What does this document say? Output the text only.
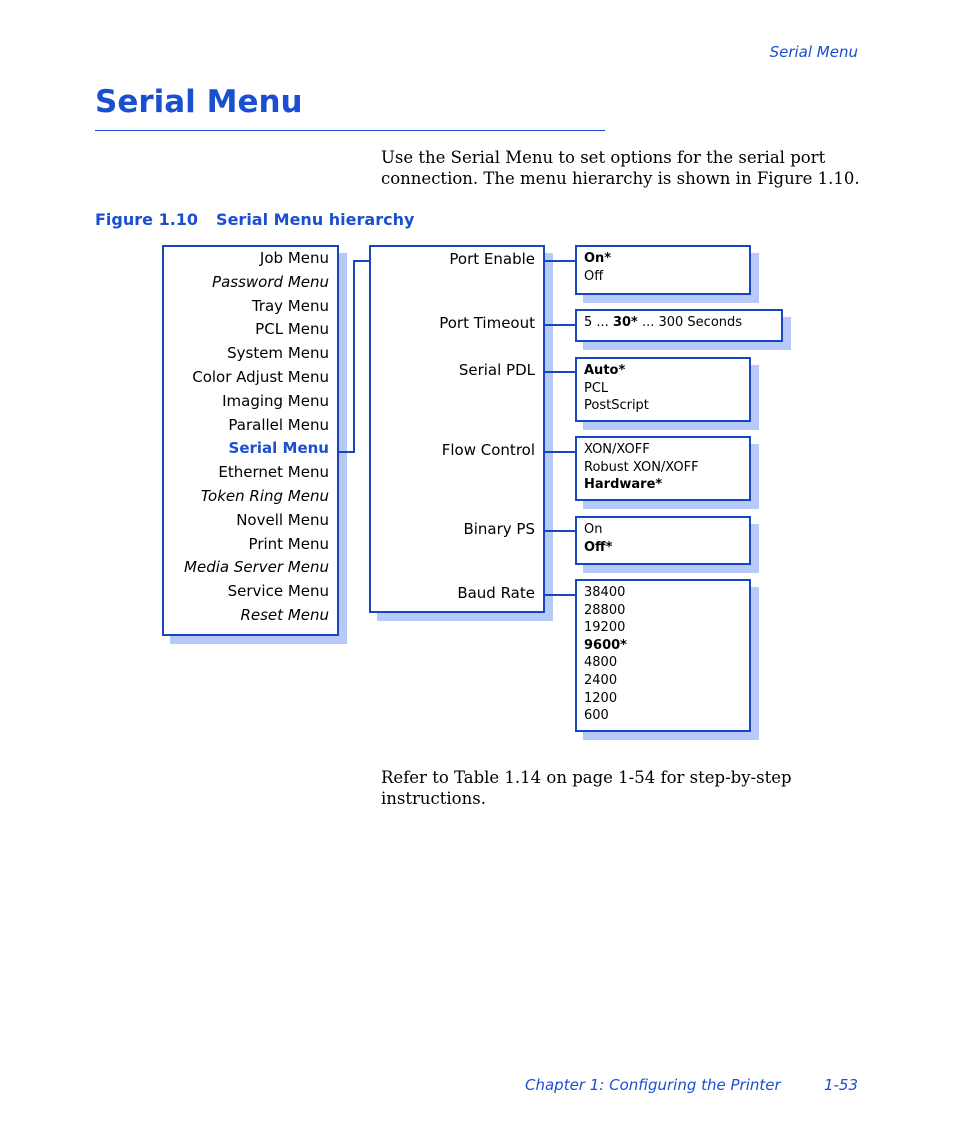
Serial Menu
Serial Menu
Use the Serial Menu to set options for the serial port connection. The menu hierarchy is shown in Figure 1.10.
Figure 1.10 Serial Menu hierarchy
Job Menu
Password Menu
Tray Menu
PCL Menu
System Menu
Color Adjust Menu
Imaging Menu
Parallel Menu
Serial Menu
Ethernet Menu
Token Ring Menu
Novell Menu
Print Menu
Media Server Menu
Service Menu
Reset Menu
Port Enable
Port Timeout
Serial PDL
Flow Control
Binary PS
Baud Rate
On*
Off
5 ... 30* ... 300 Seconds
Auto*
PCL
PostScript
XON/XOFF
Robust XON/XOFF
Hardware*
On
Off*
38400
28800
19200
9600*
4800
2400
1200
600
Refer to Table 1.14 on page 1-54 for step-by-step instructions.
Chapter 1: Configuring the Printer	1-53
